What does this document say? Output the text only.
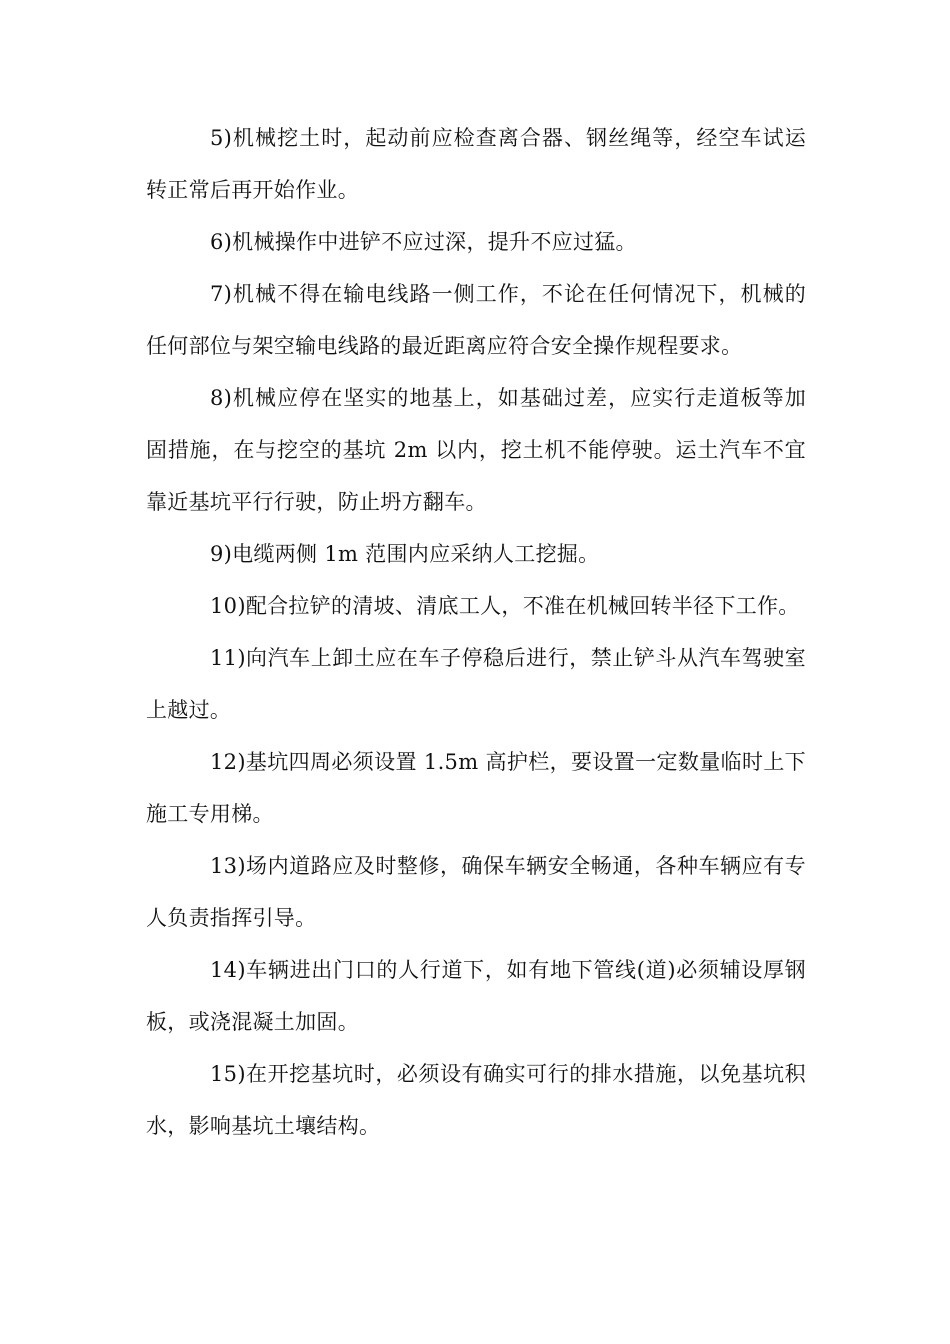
5)机械挖土时，起动前应检查离合器、钢丝绳等，经空车试运转正常后再开始作业。

6)机械操作中进铲不应过深，提升不应过猛。

7)机械不得在输电线路一侧工作，不论在任何情况下，机械的任何部位与架空输电线路的最近距离应符合安全操作规程要求。

8)机械应停在坚实的地基上，如基础过差，应实行走道板等加固措施，在与挖空的基坑 2m 以内，挖土机不能停驶。运土汽车不宜靠近基坑平行行驶，防止坍方翻车。

9)电缆两侧 1m 范围内应采纳人工挖掘。

10)配合拉铲的清坡、清底工人，不准在机械回转半径下工作。

11)向汽车上卸土应在车子停稳后进行，禁止铲斗从汽车驾驶室上越过。

12)基坑四周必须设置 1.5m 高护栏，要设置一定数量临时上下施工专用梯。

13)场内道路应及时整修，确保车辆安全畅通，各种车辆应有专人负责指挥引导。

14)车辆进出门口的人行道下，如有地下管线(道)必须辅设厚钢板，或浇混凝土加固。

15)在开挖基坑时，必须设有确实可行的排水措施，以免基坑积水，影响基坑土壤结构。
